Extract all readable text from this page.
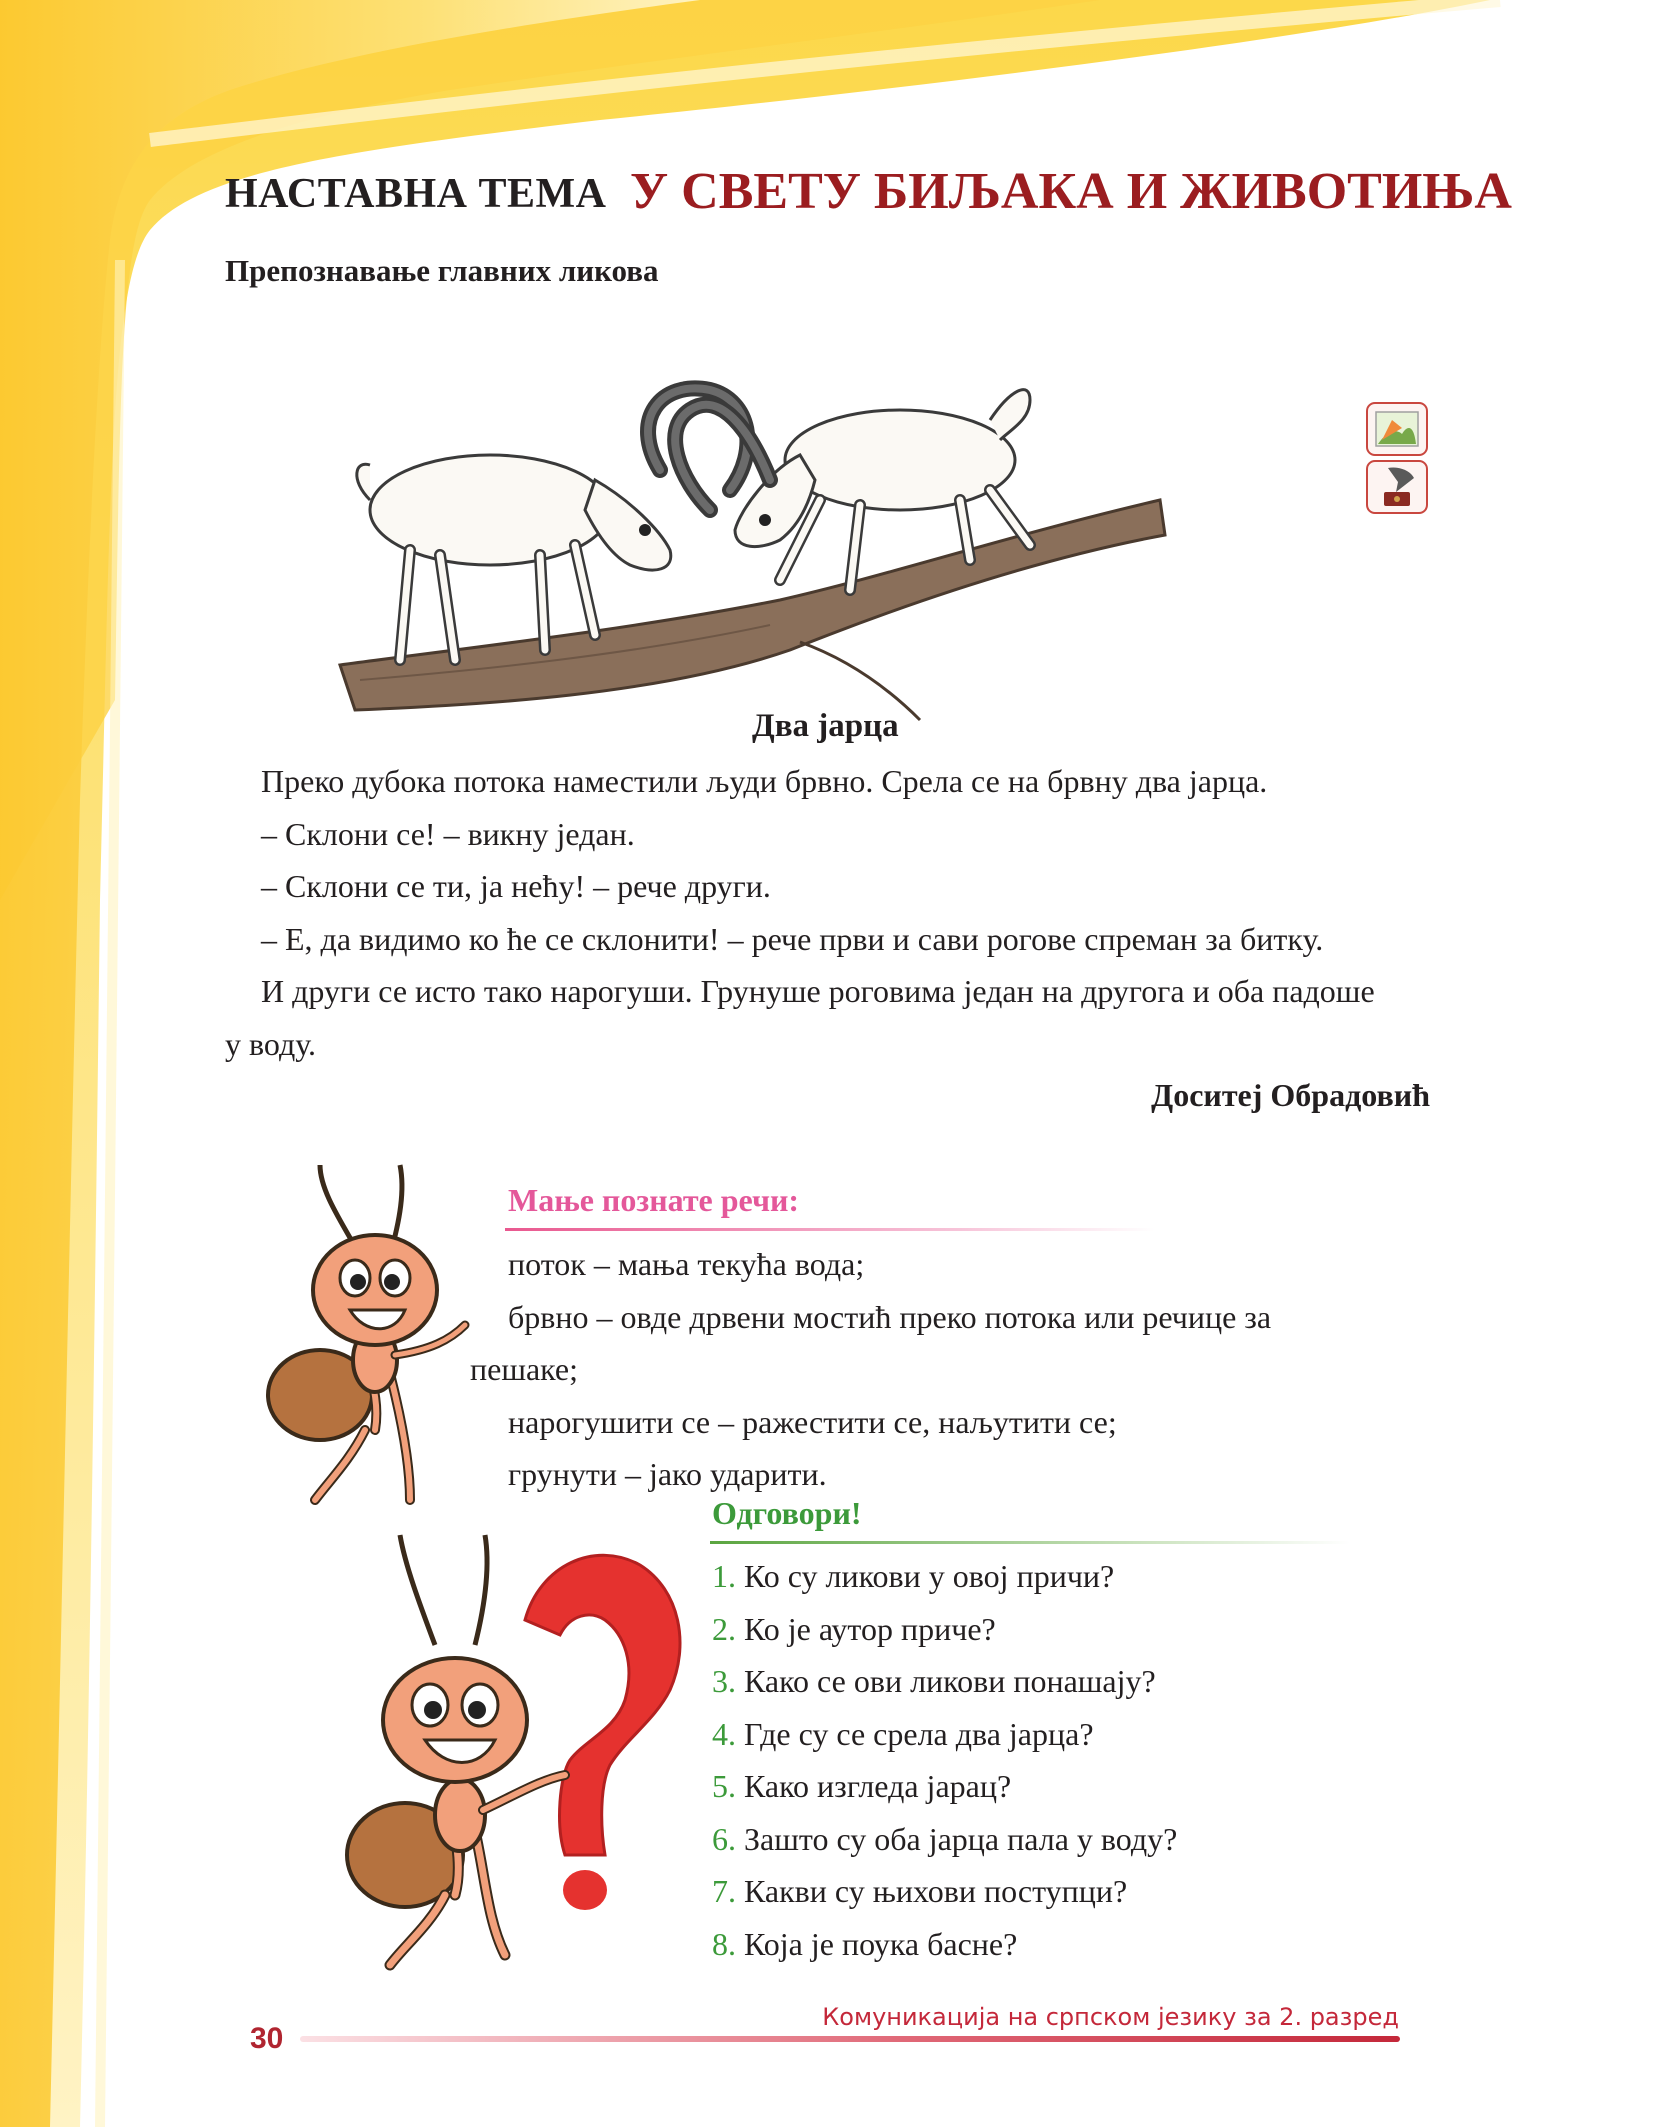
НАСТАВНА ТЕМА У СВЕТУ БИЉАКА И ЖИВОТИЊА
Препознавање главних ликова
Два јарца

Преко дубока потока наместили људи брвно. Срела се на брвну два јарца.

– Склони се! – викну један.

– Склони се ти, ја нећу! – рече други.

– Е, да видимо ко ће се склонити! – рече први и сави рогове спреман за битку.

И други се исто тако нарогуши. Грунуше роговима један на другога и оба падоше у воду.

Доситеј Обрадовић
Мање познате речи:

поток – мања текућа вода;

брвно – овде дрвени мостић преко потока или речице за

пешаке;

нарогушити се – ражестити се, наљутити се;

грунути – јако ударити.

Одговори!
1. Ко су ликови у овој причи?
2. Ко је аутор приче?
3. Како се ови ликови понашају?
4. Где су се срела два јарца?
5. Како изгледа јарац?
6. Зашто су оба јарца пала у воду?
7. Какви су њихови поступци?
8. Која је поука басне?
30
Комуникација на српском језику за 2. разред
